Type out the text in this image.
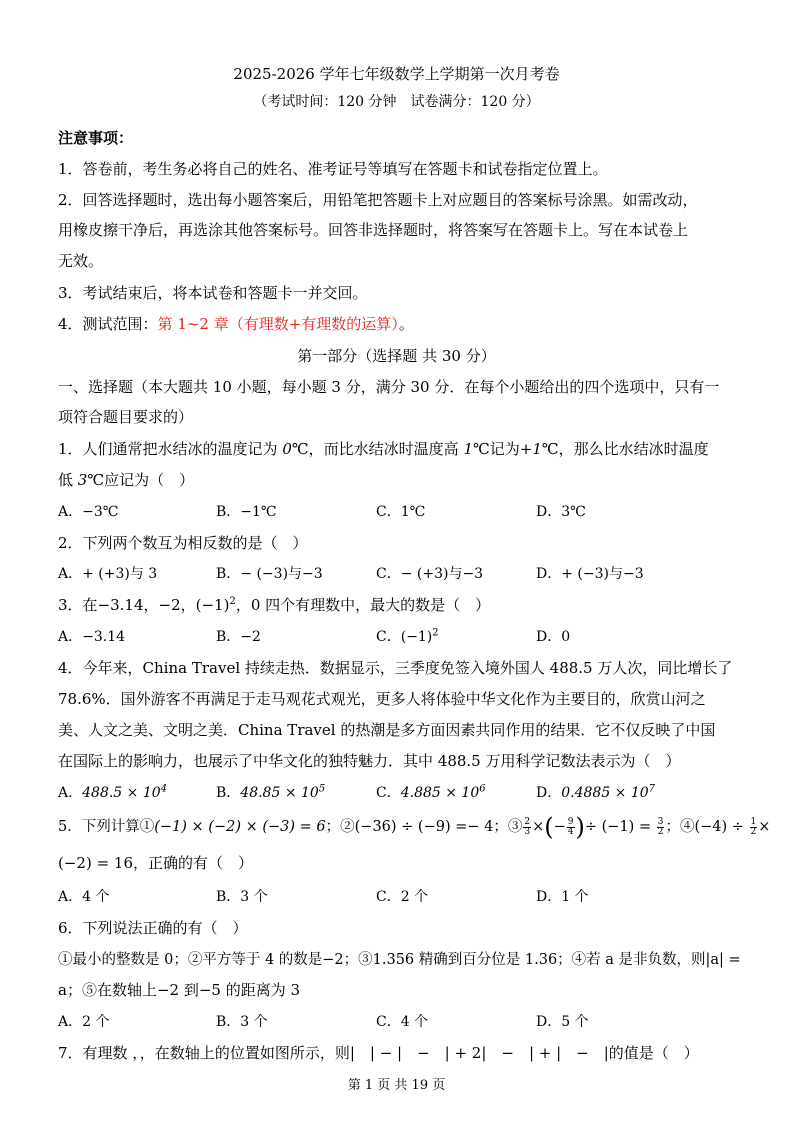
2025-2026 学年七年级数学上学期第一次月考卷
（考试时间：120 分钟　试卷满分：120 分）
注意事项：
1．答卷前，考生务必将自己的姓名、准考证号等填写在答题卡和试卷指定位置上。
2．回答选择题时，选出每小题答案后，用铅笔把答题卡上对应题目的答案标号涂黑。如需改动，
用橡皮擦干净后，再选涂其他答案标号。回答非选择题时，将答案写在答题卡上。写在本试卷上
无效。
3．考试结束后，将本试卷和答题卡一并交回。
4．测试范围：第 1~2 章（有理数+有理数的运算）。
第一部分（选择题 共 30 分）
一、选择题（本大题共 10 小题，每小题 3 分，满分 30 分．在每个小题给出的四个选项中，只有一
项符合题目要求的）
1．人们通常把水结冰的温度记为 0℃，而比水结冰时温度高 1℃记为+1℃，那么比水结冰时温度
低 3℃应记为（　）
A．−3℃	B．−1℃	C．1℃	D．3℃
2．下列两个数互为相反数的是（　）
A．+ (+3)与 3	B．− (−3)与−3	C．− (+3)与−3	D．+ (−3)与−3
3．在−3.14，−2，$(-1)^2$，0 四个有理数中，最大的数是（　）
A．−3.14	B．−2	C．$(-1)^2$	D．0
4．今年来，China Travel 持续走热．数据显示，三季度免签入境外国人 488.5 万人次，同比增长了
78.6%．国外游客不再满足于走马观花式观光，更多人将体验中华文化作为主要目的，欣赏山河之
美、人文之美、文明之美．China Travel 的热潮是多方面因素共同作用的结果．它不仅反映了中国
在国际上的影响力，也展示了中华文化的独特魅力．其中 488.5 万用科学记数法表示为（　）
A．$488.5 \times 10^4$	B．$48.85 \times 10^5$	C．$4.885 \times 10^6$	D．$0.4885 \times 10^7$
5．下列计算①(−1) × (−2) × (−3) = 6；②(−36) ÷ (−9) =− 4；③ $\frac{2}{3}$ ×(− $\frac{9}{4}$ )÷ $(-1) = \frac{3}{2}$ ；④(−4) ÷ $\frac{1}{2}$ ×
(−2) = 16，正确的有（　）
A．4 个	B．3 个	C．2 个	D．1 个
6．下列说法正确的有（　）
①最小的整数是 0；②平方等于 4 的数是−2；③1.356 精确到百分位是 1.36；④若 a 是非负数，则|a| =
a；⑤在数轴上−2 到−5 的距离为 3
A．2 个	B．3 个	C．4 个	D．5 个
7．有理数 ，，在数轴上的位置如图所示，则|　| − |　−　| + 2|　−　| + |　−　|的值是（　）
第 1 页 共 19 页
